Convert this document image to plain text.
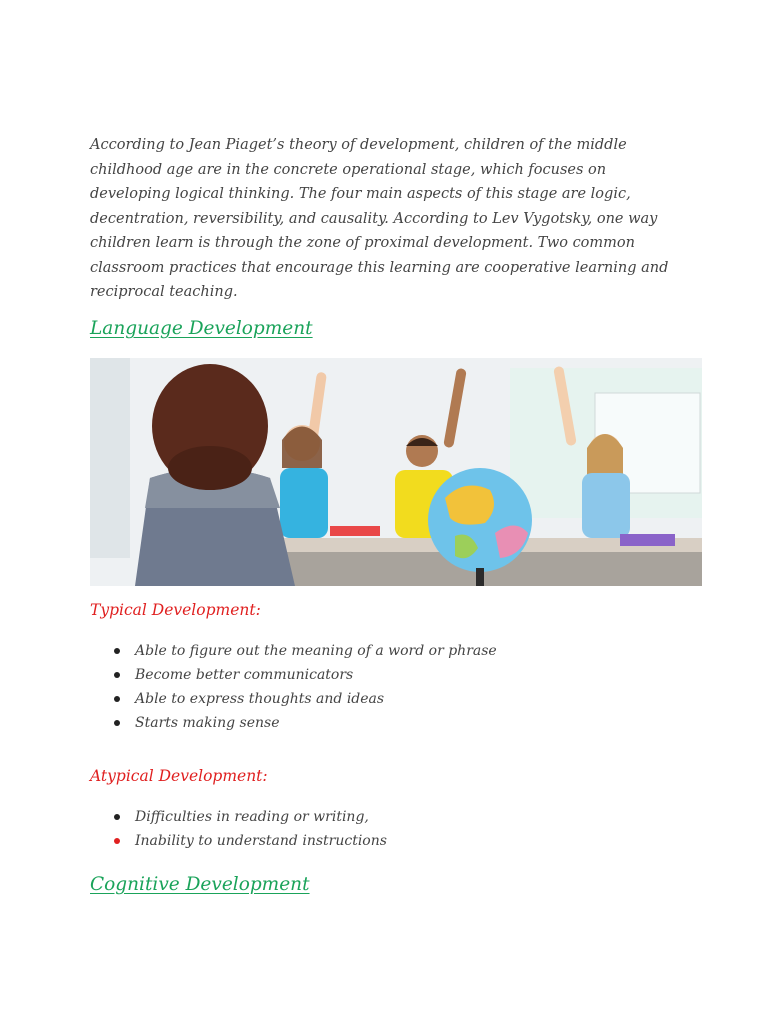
According to Jean Piaget’s theory of development, children of the middle childhood age are in the concrete operational stage, which focuses on developing logical thinking. The four main aspects of this stage are logic, decentration, reversibility, and causality. According to Lev Vygotsky, one way children learn is through the zone of proximal development. Two common classroom practices that encourage this learning are cooperative learning and reciprocal teaching.

Language Development
Typical Development:
Able to figure out the meaning of a word or phrase
Become better communicators
Able to express thoughts and ideas
Starts making sense
Atypical Development:
Difficulties in reading or writing,
Inability to understand instructions
Cognitive Development
